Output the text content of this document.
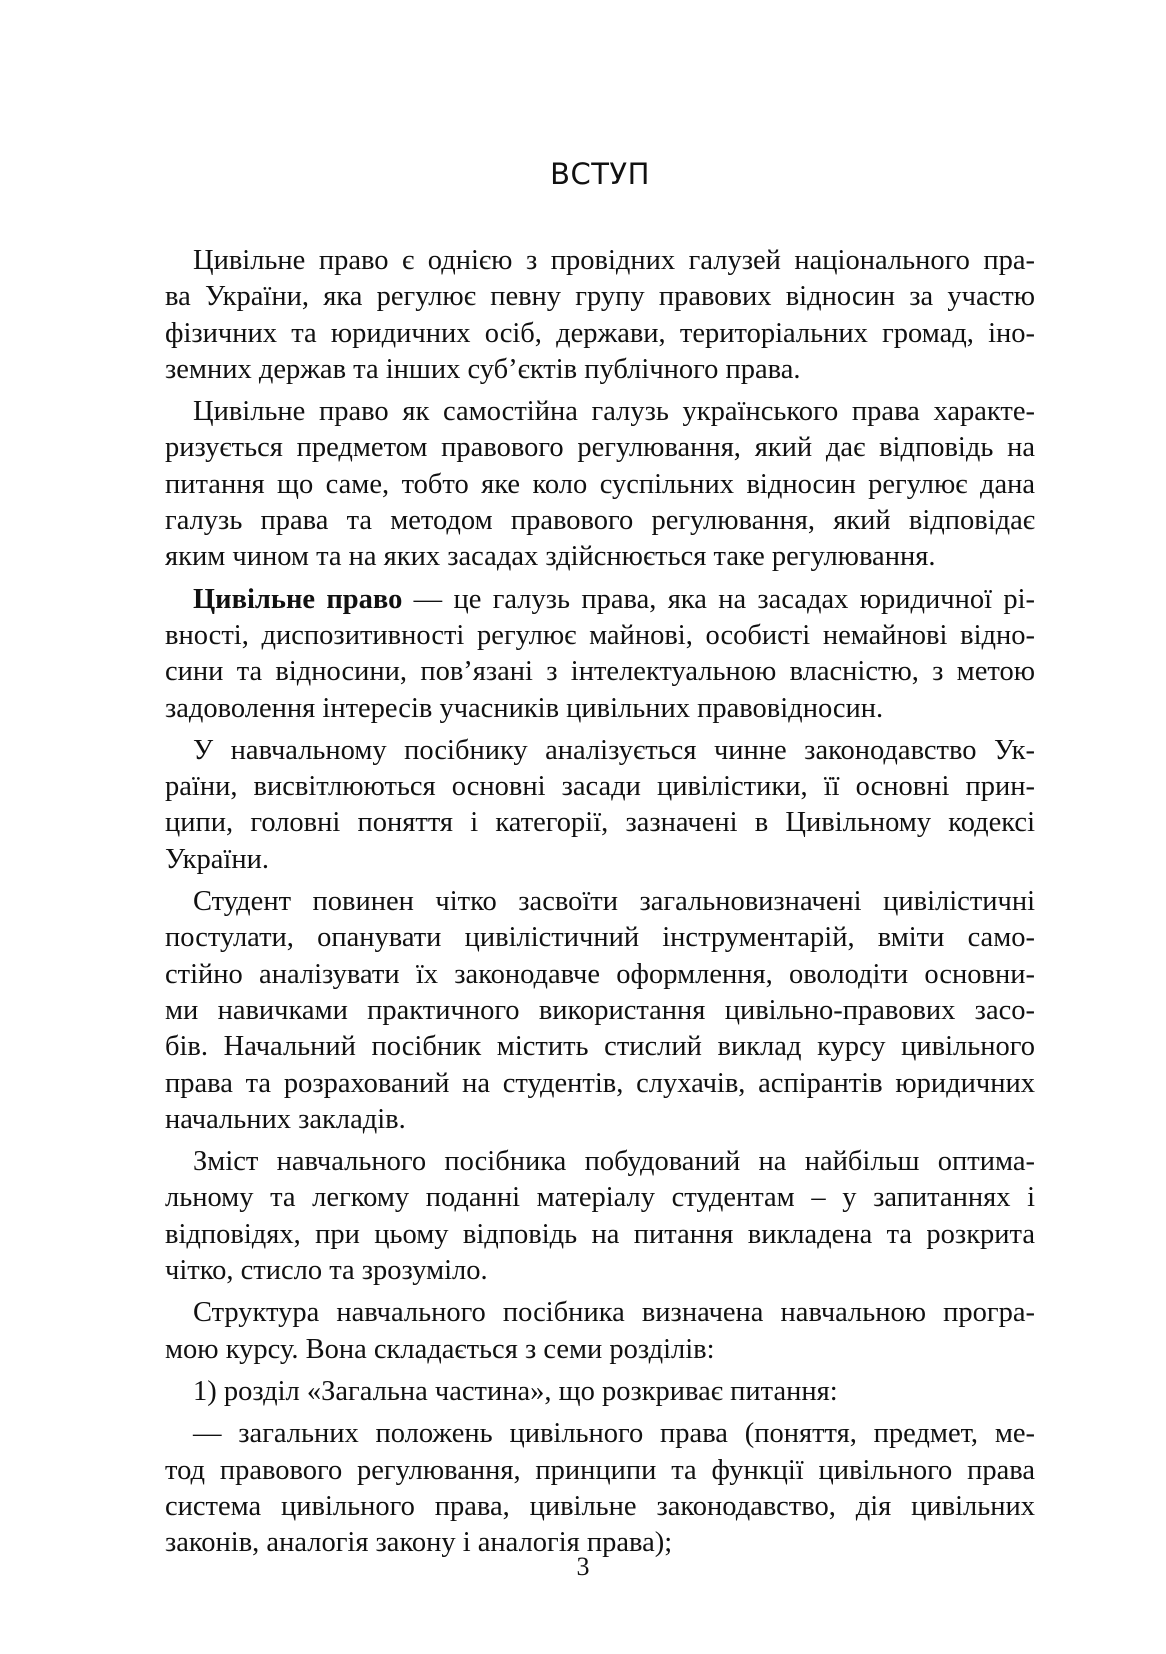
ВСТУП
Цивільне право є однією з провідних галузей національного пра-
ва України, яка регулює певну групу правових відносин за участю
фізичних та юридичних осіб, держави, територіальних громад, іно-
земних держав та інших суб’єктів публічного права.
Цивільне право як самостійна галузь українського права характе-
ризується предметом правового регулювання, який дає відповідь на
питання що саме, тобто яке коло суспільних відносин регулює дана
галузь права та методом правового регулювання, який відповідає
яким чином та на яких засадах здійснюється таке регулювання.
Цивільне право — це галузь права, яка на засадах юридичної рі-
вності, диспозитивності регулює майнові, особисті немайнові відно-
сини та відносини, пов’язані з інтелектуальною власністю, з метою
задоволення інтересів учасників цивільних правовідносин.
У навчальному посібнику аналізується чинне законодавство Ук-
раїни, висвітлюються основні засади цивілістики, її основні прин-
ципи, головні поняття і категорії, зазначені в Цивільному кодексі
України.
Студент повинен чітко засвоїти загальновизначені цивілістичні
постулати, опанувати цивілістичний інструментарій, вміти само-
стійно аналізувати їх законодавче оформлення, оволодіти основни-
ми навичками практичного використання цивільно-правових засо-
бів. Начальний посібник містить стислий виклад курсу цивільного
права та розрахований на студентів, слухачів, аспірантів юридичних
начальних закладів.
Зміст навчального посібника побудований на найбільш оптима-
льному та легкому поданні матеріалу студентам – у запитаннях і
відповідях, при цьому відповідь на питання викладена та розкрита
чітко, стисло та зрозуміло.
Структура навчального посібника визначена навчальною програ-
мою курсу. Вона складається з семи розділів:
1) розділ «Загальна частина», що розкриває питання:
— загальних положень цивільного права (поняття, предмет, ме-
тод правового регулювання, принципи та функції цивільного права
система цивільного права, цивільне законодавство, дія цивільних
законів, аналогія закону і аналогія права);
3
